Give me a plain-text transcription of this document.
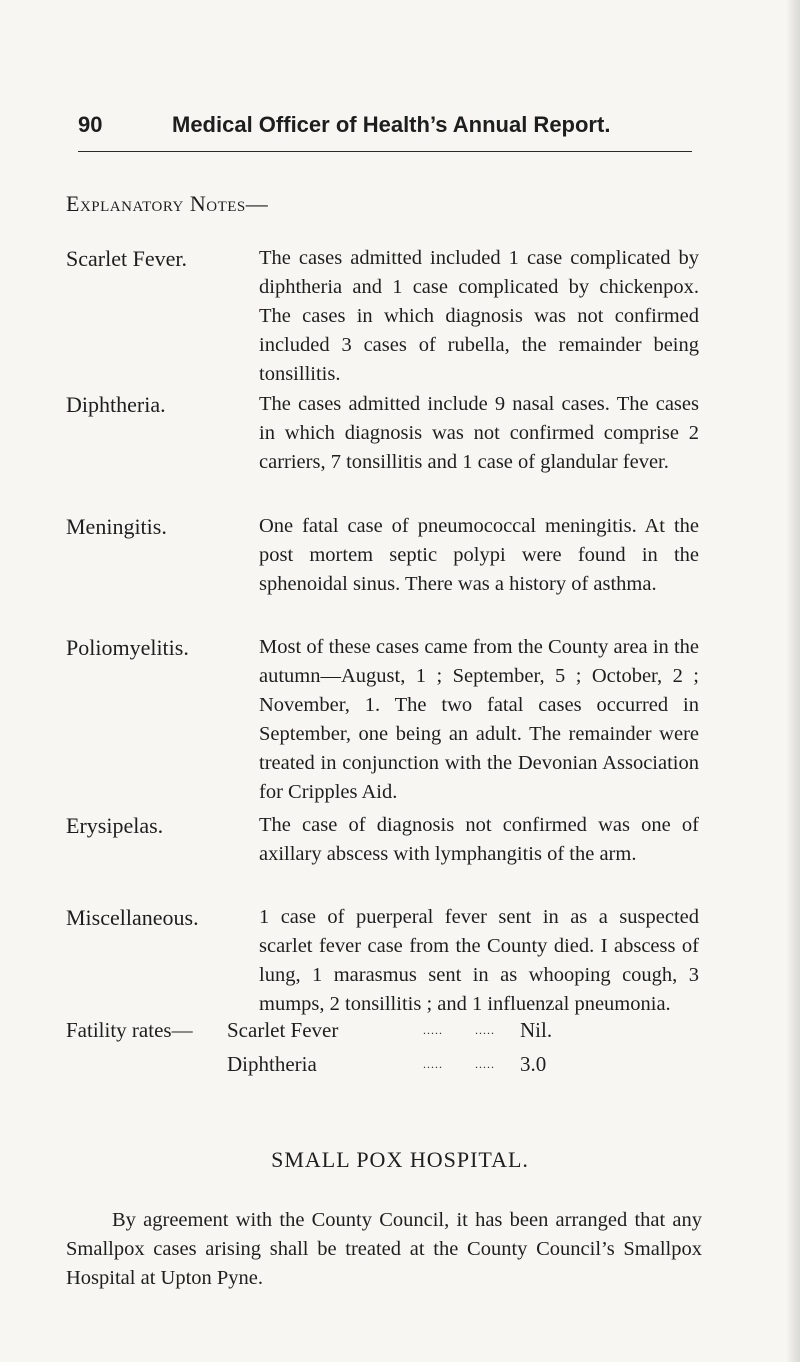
90	Medical Officer of Health’s Annual Report.
Explanatory Notes—
Scarlet Fever.	The cases admitted included 1 case complicated by diphtheria and 1 case complicated by chickenpox. The cases in which diagnosis was not confirmed included 3 cases of rubella, the remainder being tonsillitis.
Diphtheria.	The cases admitted include 9 nasal cases. The cases in which diagnosis was not confirmed comprise 2 carriers, 7 tonsillitis and 1 case of glandular fever.
Meningitis.	One fatal case of pneumococcal meningitis. At the post mortem septic polypi were found in the sphenoidal sinus. There was a history of asthma.
Poliomyelitis.	Most of these cases came from the County area in the autumn—August, 1 ; September, 5 ; October, 2 ; November, 1. The two fatal cases occurred in September, one being an adult. The remainder were treated in conjunction with the Devonian Association for Cripples Aid.
Erysipelas.	The case of diagnosis not confirmed was one of axillary abscess with lymphangitis of the arm.
Miscellaneous.	1 case of puerperal fever sent in as a suspected scarlet fever case from the County died. I abscess of lung, 1 marasmus sent in as whooping cough, 3 mumps, 2 tonsillitis ; and 1 influenzal pneumonia.
Fatility rates— Scarlet Fever	.....	..... Nil.
Diphtheria	.....	..... 3.0
SMALL POX HOSPITAL.
By agreement with the County Council, it has been arranged that any Smallpox cases arising shall be treated at the County Council’s Smallpox Hospital at Upton Pyne.
